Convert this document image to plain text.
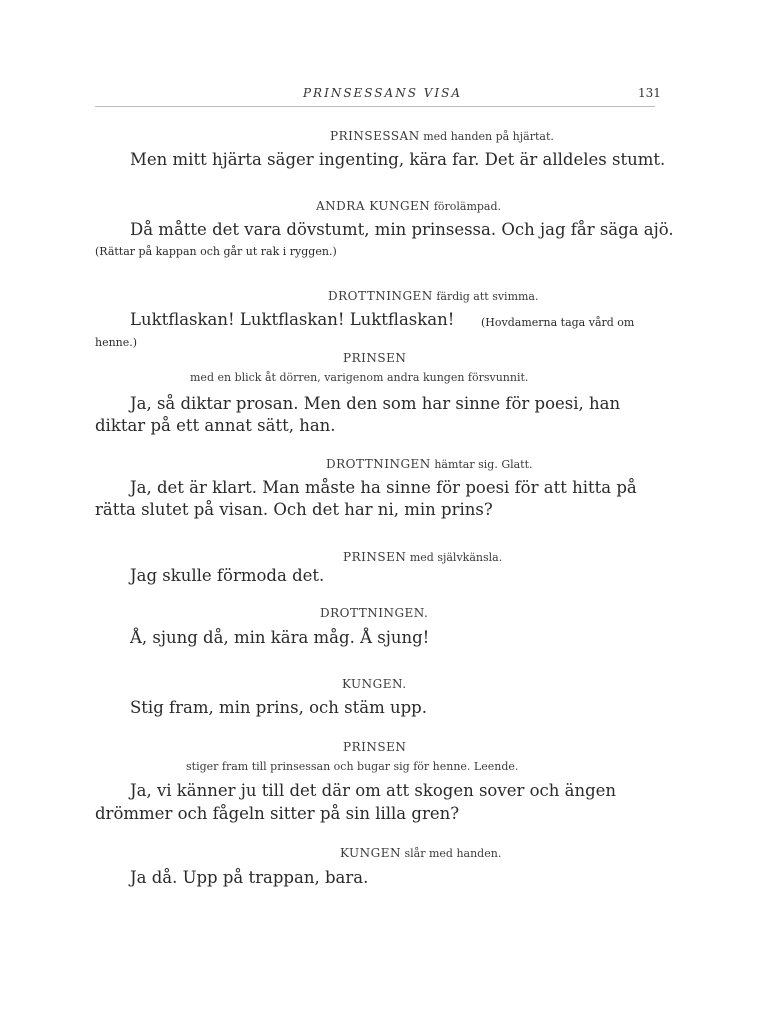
PRINSESSANS VISA	131
PRINSESSAN med handen på hjärtat.
Men mitt hjärta säger ingenting, kära far. Det är alldeles stumt.
ANDRA KUNGEN förolämpad.
Då måtte det vara dövstumt, min prinsessa. Och jag får säga ajö.
(Rättar på kappan och går ut rak i ryggen.)
DROTTNINGEN färdig att svimma.
Luktflaskan! Luktflaskan! Luktflaskan! (Hovdamerna taga vård om
henne.)
PRINSEN
med en blick åt dörren, varigenom andra kungen försvunnit.
Ja, så diktar prosan. Men den som har sinne för poesi, han
diktar på ett annat sätt, han.
DROTTNINGEN hämtar sig. Glatt.
Ja, det är klart. Man måste ha sinne för poesi för att hitta på
rätta slutet på visan. Och det har ni, min prins?
PRINSEN med självkänsla.
Jag skulle förmoda det.
DROTTNINGEN.
Å, sjung då, min kära måg. Å sjung!
KUNGEN.
Stig fram, min prins, och stäm upp.
PRINSEN
stiger fram till prinsessan och bugar sig för henne. Leende.
Ja, vi känner ju till det där om att skogen sover och ängen
drömmer och fågeln sitter på sin lilla gren?
KUNGEN slår med handen.
Ja då. Upp på trappan, bara.
